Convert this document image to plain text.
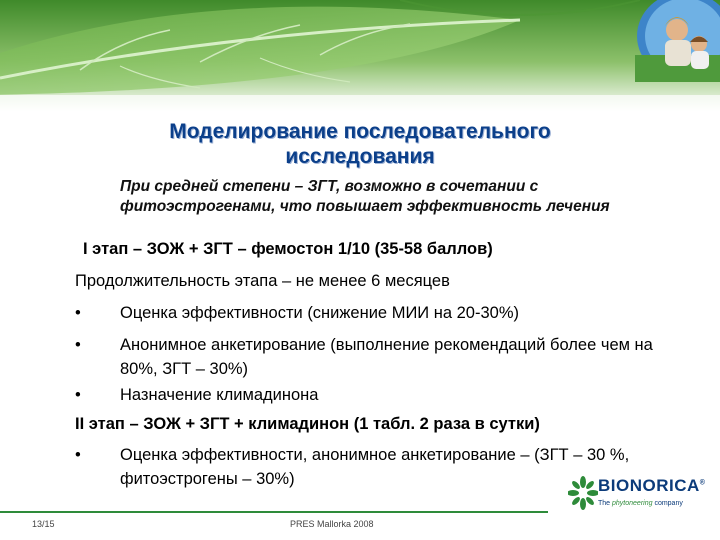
Моделирование последовательного
исследования
При средней степени – ЗГТ, возможно в сочетании с фитоэстрогенами, что повышает эффективность лечения
I этап – ЗОЖ + ЗГТ – фемостон 1/10 (35-58 баллов)
Продолжительность этапа – не менее 6 месяцев
• Оценка эффективности (снижение МИИ на 20-30%)
• Анонимное анкетирование (выполнение рекомендаций более чем на 80%, ЗГТ – 30%)
• Назначение климадинона
II этап – ЗОЖ + ЗГТ + климадинон (1 табл. 2 раза в сутки)
• Оценка эффективности, анонимное анкетирование – (ЗГТ – 30 %, фитоэстрогены – 30%)
13/15	PRES Mallorka 2008
BIONORICA®
The phytoneering company
